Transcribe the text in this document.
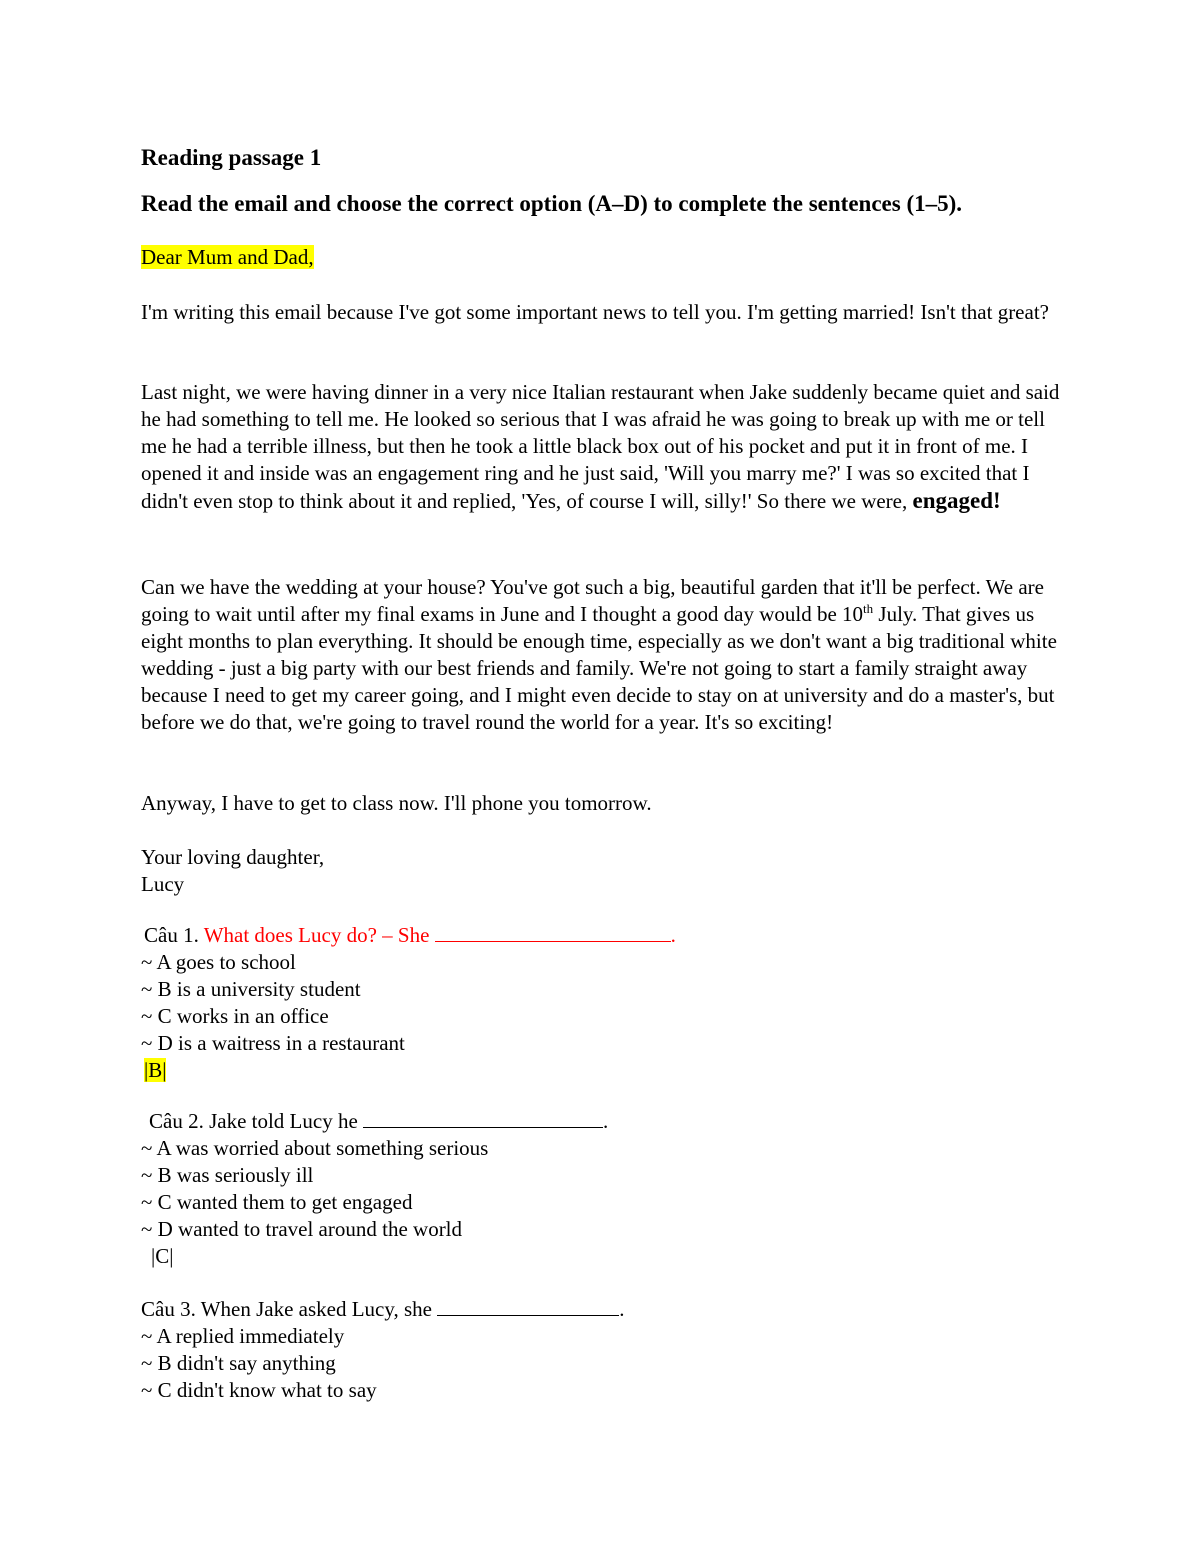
Reading passage 1

Read the email and choose the correct option (A–D) to complete the sentences (1–5).

Dear Mum and Dad,

I'm writing this email because I've got some important news to tell you. I'm getting married! Isn't that great?

Last night, we were having dinner in a very nice Italian restaurant when Jake suddenly became quiet and said he had something to tell me. He looked so serious that I was afraid he was going to break up with me or tell me he had a terrible illness, but then he took a little black box out of his pocket and put it in front of me. I opened it and inside was an engagement ring and he just said, 'Will you marry me?' I was so excited that I didn't even stop to think about it and replied, 'Yes, of course I will, silly!' So there we were, engaged!

Can we have the wedding at your house? You've got such a big, beautiful garden that it'll be perfect. We are going to wait until after my final exams in June and I thought a good day would be 10th July. That gives us eight months to plan everything. It should be enough time, especially as we don't want a big traditional white wedding - just a big party with our best friends and family. We're not going to start a family straight away because I need to get my career going, and I might even decide to stay on at university and do a master's, but before we do that, we're going to travel round the world for a year. It's so exciting!

Anyway, I have to get to class now. I'll phone you tomorrow.

Your loving daughter,
Lucy

Câu 1. What does Lucy do? – She	.
~ A goes to school
~ B is a university student
~ C works in an office
~ D is a waitress in a restaurant
|B|
Câu 2. Jake told Lucy he	.
~ A was worried about something serious
~ B was seriously ill
~ C wanted them to get engaged
~ D wanted to travel around the world
|C|
Câu 3. When Jake asked Lucy, she	.
~ A replied immediately
~ B didn't say anything
~ C didn't know what to say
